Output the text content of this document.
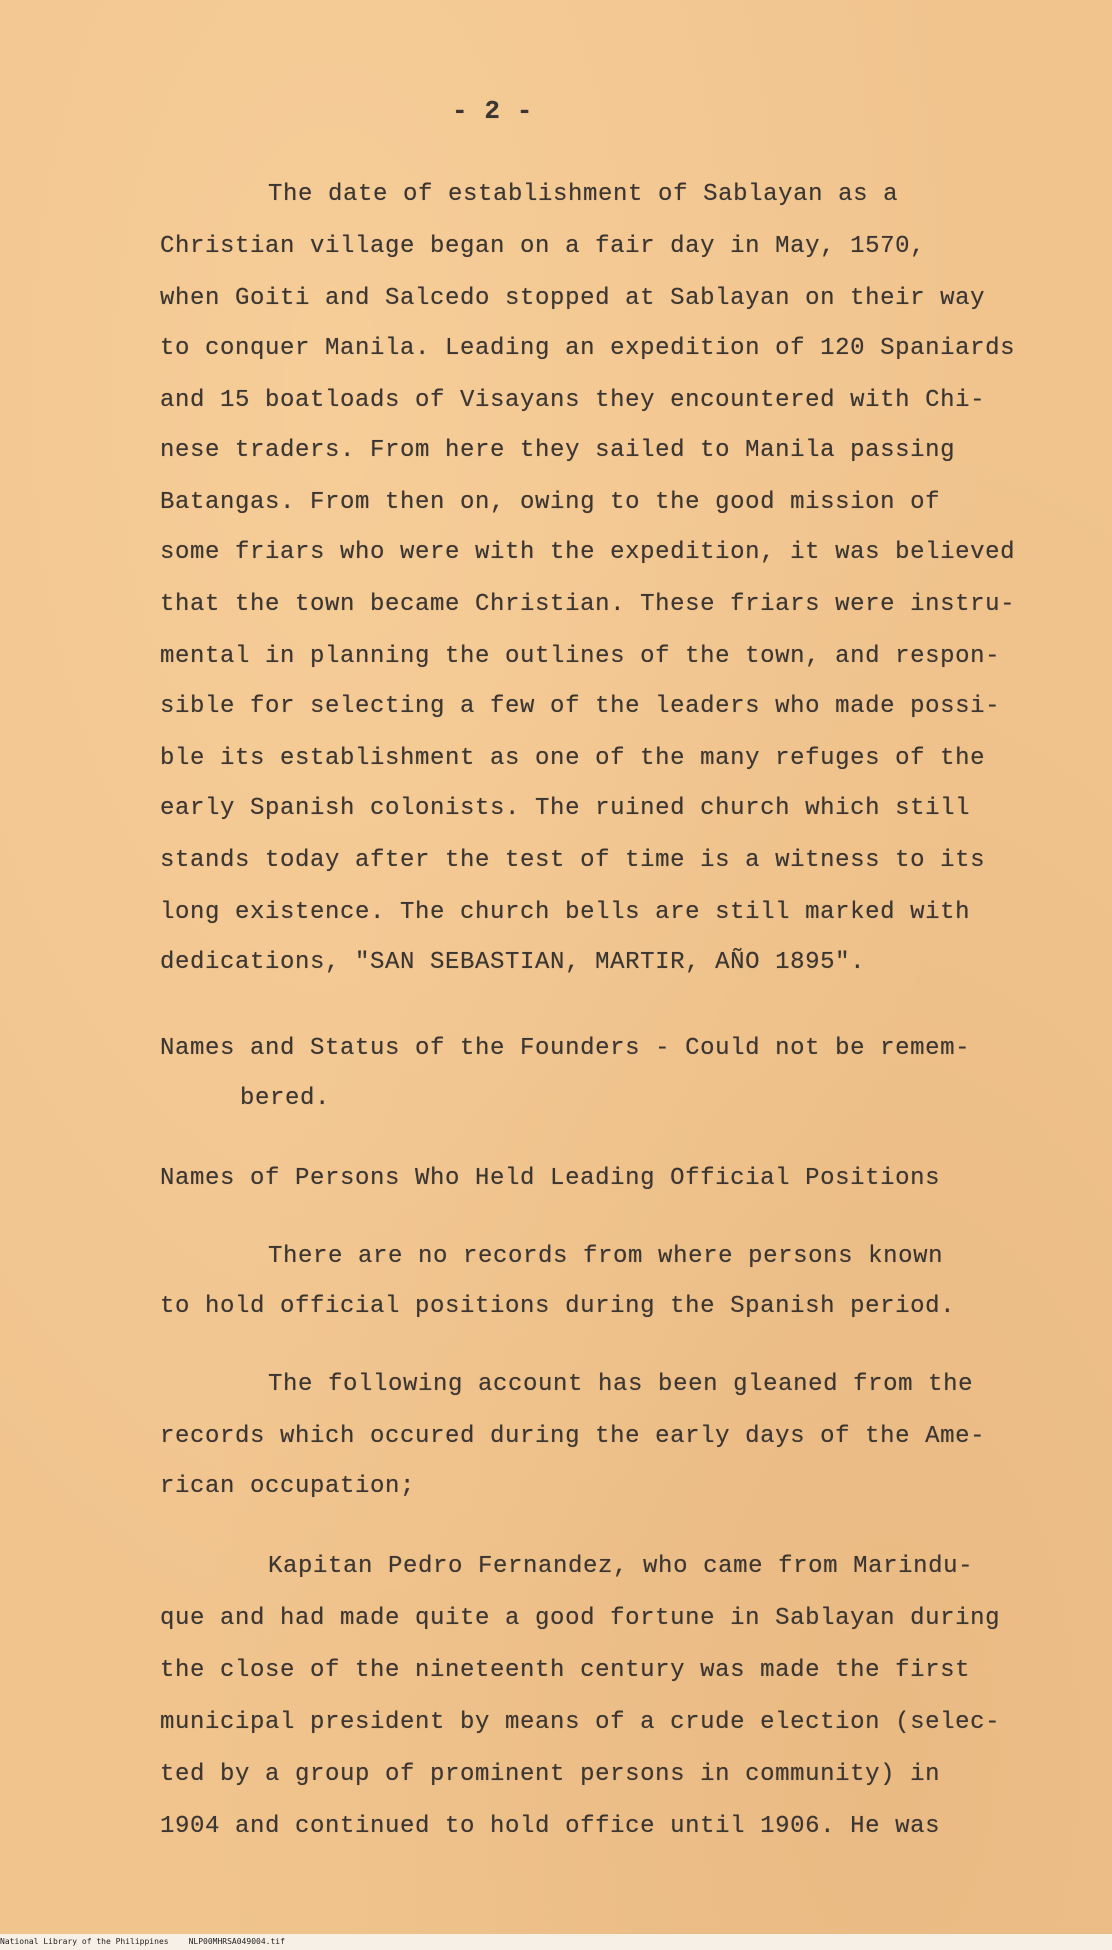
- 2 -
The date of establishment of Sablayan as a
Christian village began on a fair day in May, 1570,
when Goiti and Salcedo stopped at Sablayan on their way
to conquer Manila. Leading an expedition of 120 Spaniards
and 15 boatloads of Visayans they encountered with Chi-
nese traders. From here they sailed to Manila passing
Batangas. From then on, owing to the good mission of
some friars who were with the expedition, it was believed
that the town became Christian. These friars were instru-
mental in planning the outlines of the town, and respon-
sible for selecting a few of the leaders who made possi-
ble its establishment as one of the many refuges of the
early Spanish colonists. The ruined church which still
stands today after the test of time is a witness to its
long existence. The church bells are still marked with
dedications, "SAN SEBASTIAN, MARTIR, AÑO 1895".
Names and Status of the Founders - Could not be remem-
bered.
Names of Persons Who Held Leading Official Positions
There are no records from where persons known
to hold official positions during the Spanish period.
The following account has been gleaned from the
records which occured during the early days of the Ame-
rican occupation;
Kapitan Pedro Fernandez, who came from Marindu-
que and had made quite a good fortune in Sablayan during
the close of the nineteenth century was made the first
municipal president by means of a crude election (selec-
ted by a group of prominent persons in community) in
1904 and continued to hold office until 1906. He was
National Library of the Philippines	NLP00MHRSA049004.tif
